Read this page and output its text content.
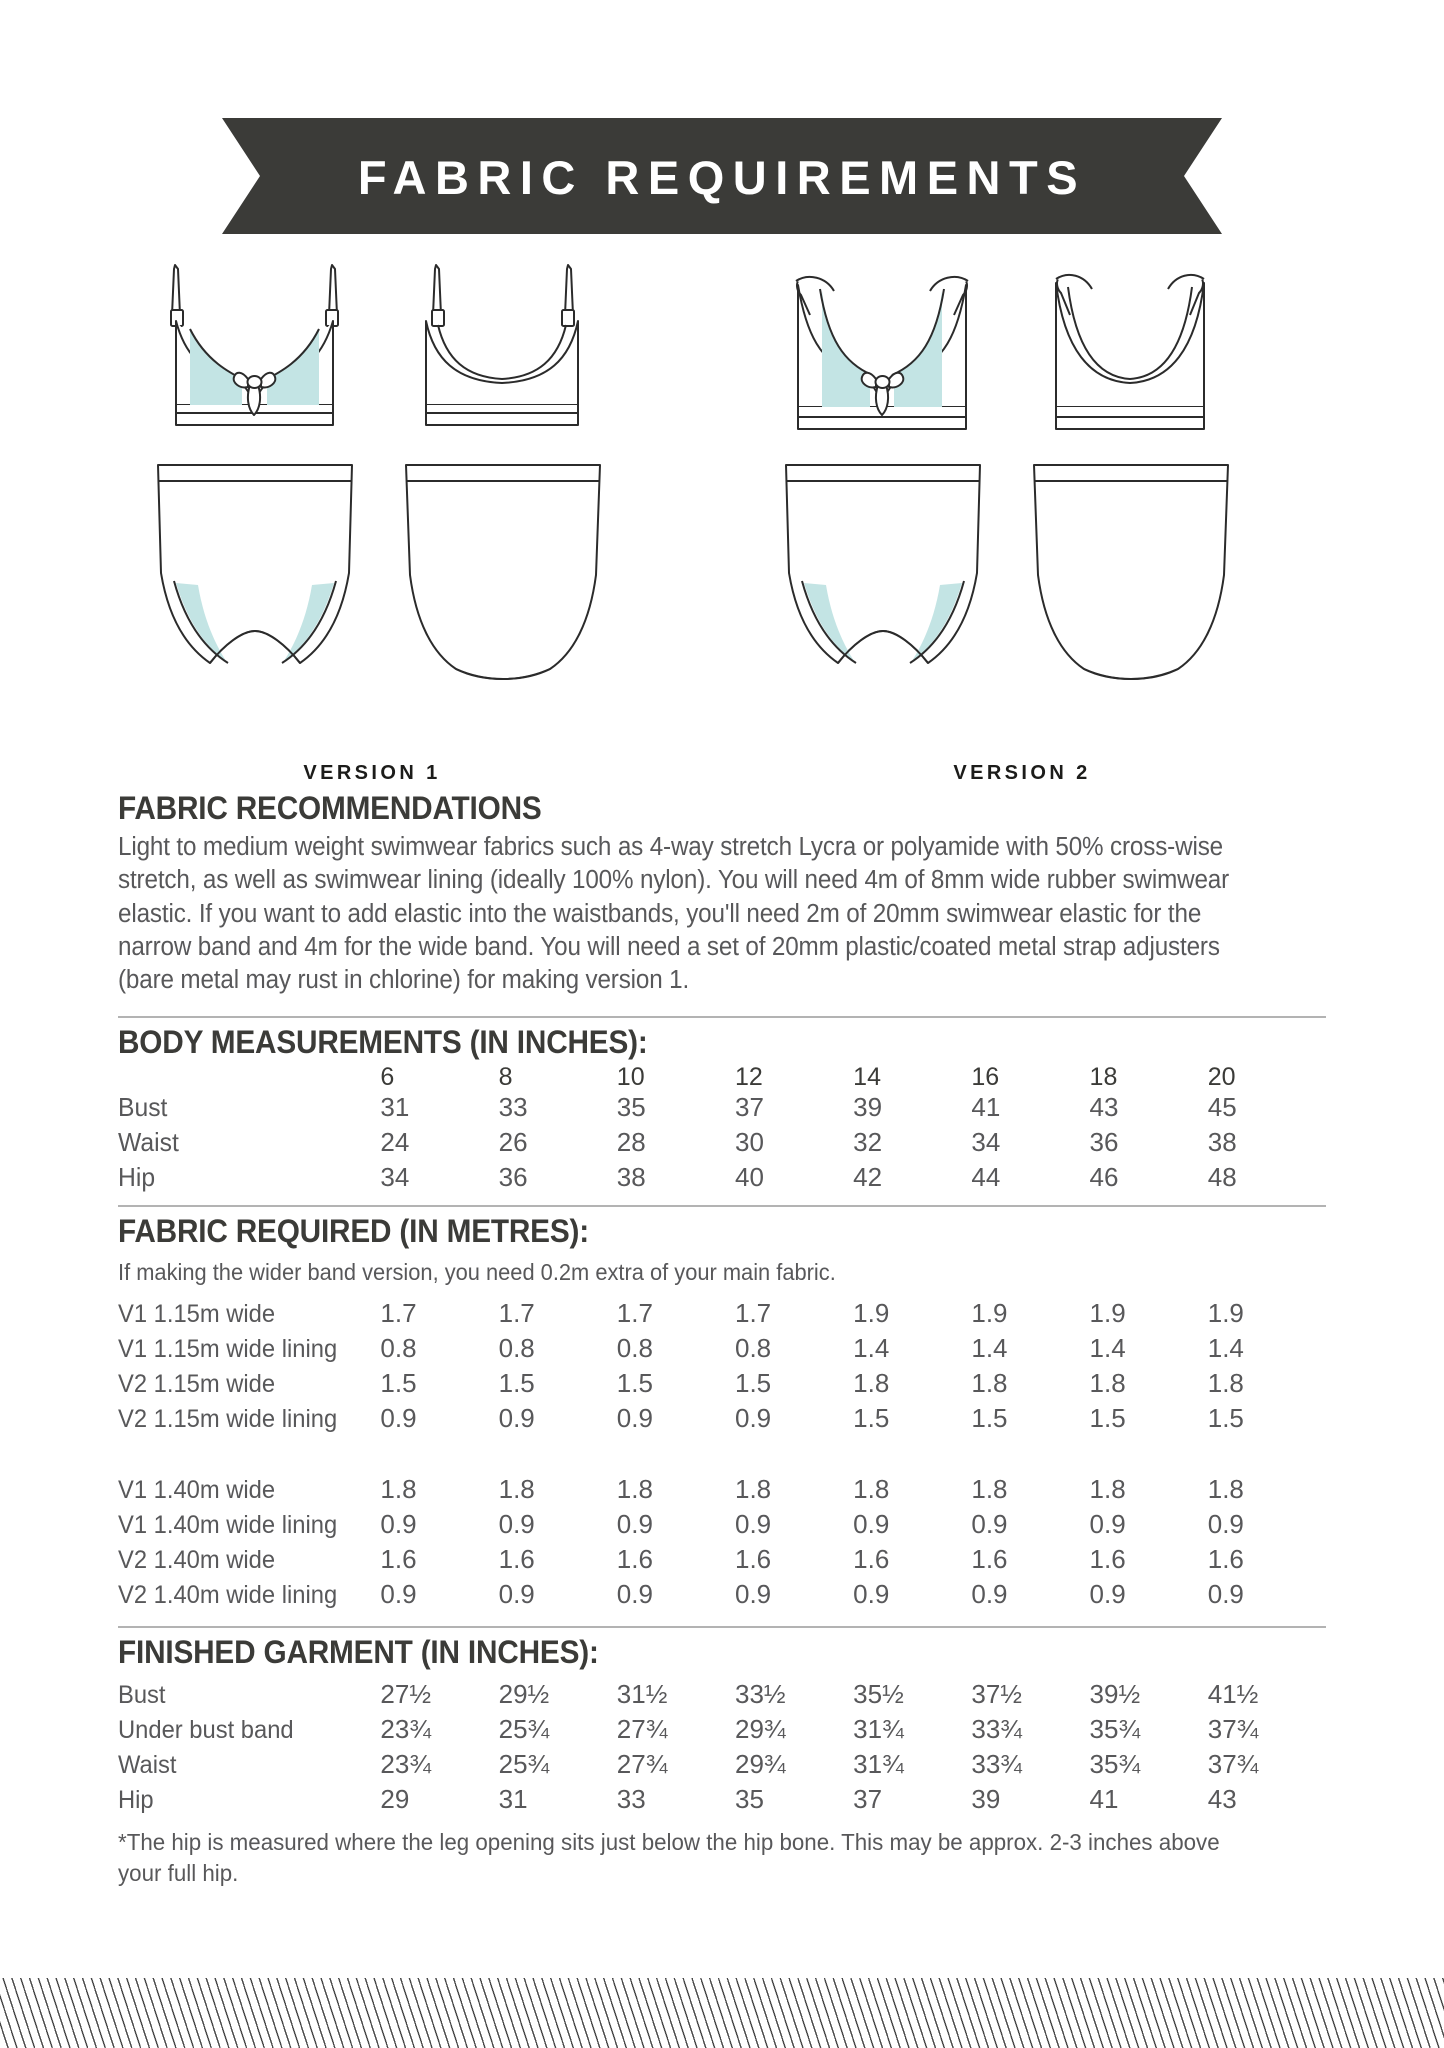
FABRIC REQUIREMENTS
VERSION 1	VERSION 2
FABRIC RECOMMENDATIONS

Light to medium weight swimwear fabrics such as 4-way stretch Lycra or polyamide with 50% cross-wise stretch, as well as swimwear lining (ideally 100% nylon). You will need 4m of 8mm wide rubber swimwear elastic. If you want to add elastic into the waistbands, you'll need 2m of 20mm swimwear elastic for the narrow band and 4m for the wide band. You will need a set of 20mm plastic/coated metal strap adjusters (bare metal may rust in chlorine) for making version 1.

BODY MEASUREMENTS (IN INCHES):
	6	8	10	12	14	16	18	20
Bust	31	33	35	37	39	41	43	45
Waist	24	26	28	30	32	34	36	38
Hip	34	36	38	40	42	44	46	48
FABRIC REQUIRED (IN METRES):

If making the wider band version, you need 0.2m extra of your main fabric.

V1 1.15m wide	1.7	1.7	1.7	1.7	1.9	1.9	1.9	1.9
V1 1.15m wide lining	0.8	0.8	0.8	0.8	1.4	1.4	1.4	1.4
V2 1.15m wide	1.5	1.5	1.5	1.5	1.8	1.8	1.8	1.8
V2 1.15m wide lining	0.9	0.9	0.9	0.9	1.5	1.5	1.5	1.5

V1 1.40m wide	1.8	1.8	1.8	1.8	1.8	1.8	1.8	1.8
V1 1.40m wide lining	0.9	0.9	0.9	0.9	0.9	0.9	0.9	0.9
V2 1.40m wide	1.6	1.6	1.6	1.6	1.6	1.6	1.6	1.6
V2 1.40m wide lining	0.9	0.9	0.9	0.9	0.9	0.9	0.9	0.9
FINISHED GARMENT (IN INCHES):
Bust	27½	29½	31½	33½	35½	37½	39½	41½
Under bust band	23¾	25¾	27¾	29¾	31¾	33¾	35¾	37¾
Waist	23¾	25¾	27¾	29¾	31¾	33¾	35¾	37¾
Hip	29	31	33	35	37	39	41	43

*The hip is measured where the leg opening sits just below the hip bone. This may be approx. 2-3 inches above your full hip.
